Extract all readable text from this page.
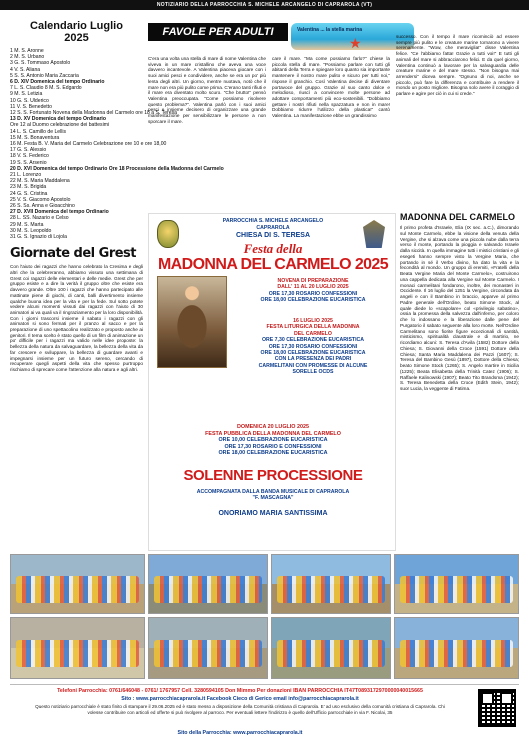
NOTIZIARIO DELLA PARROCCHIA S. MICHELE ARCANGELO DI CAPRAROLA (VT)
Calendario Luglio
2025
1 M. S. Aronne
2 M. S. Urbano
3 G. S. Tommaso Apostolo
4 V. S. Aliana
5 S. S. Antonio Maria Zaccaria
6 D. XIV Domenica del tempo Ordinario
7 L. S. Claudio 8 M. S. Edgardo
9 M. S. Letizia
10 G. S. Ulderico
11 V. S. Benedetto
12 S. S. Fortunato Novena della Madonna del Carmelo ore 18 a S. Teresa
13 D. XV Domenica del tempo Ordinario
Ore 12 al Duomo celebrazione dei battesimi
14 L. S. Camillo de Lellis
15 M. S. Bonaventura
16 M. Festa B. V. Maria del Carmelo Celebrazione ore 10 e ore 18,00
17 G. S. Alessio
18 V. S. Federico
19 S. S. Arsenio
20 D. XVI Domenica del tempo Ordinario Ore 18 Processione della Madonna del Carmelo
21 L. Lorenzo
22 M. S. Maria Maddalena
23 M. S. Brigida
24 G. S. Cristina
25 V. S. Giacomo Apostolo
26 S. Ss. Anna e Gioacchino
27 D. XVII Domenica del tempo Ordinario
28 L. SS. Nazario e Celso
29 M. S. Marta
30 M. S. Leopoldo
31 G. S. Ignazio di Lojola
Giornate del Grest
Con l'aiuto dei ragazzi che hanno celebrato la Cresima e degli altri che la celebreranno, abbiamo vissuto una settimana di Grest coi ragazzi delle elementari e delle medie. Grest che per gruppo esiste e a dire la verità il gruppo oltre che esiste era davvero grande. Oltre 100 i ragazzi che hanno partecipato alle mattinate piene di giochi, di canti, balli divertimento insieme qualche buona idea per la vita e per la fede. Sul sotto potete vedere alcuni momenti vissuti dai ragazzi con l'aiuto di 30 animatori ai va quali va il ringraziamento per la loro disponibilità. Con i giorni trascorsi insieme il sabato i ragazzi con gli animatori si sono fermati per il pranzo al sacco e per la preparazione di uno spettacolino realizzato e proposto anche ai genitori. Il tema scelto è stato quello di un film di animazione un po' difficile per i ragazzi ma valido nelle idee proposte: la bellezza della natura da salvaguardare, la bellezza della vita da far crescere e sviluppare, la bellezza di guardare avanti e impegnarsi insieme per un futuro sereno, cercando di recuperare quegli aspetti della vita che spesso purtroppo rischiamo di sprecare come l'attenzione alla natura e agli altri.
FAVOLE PER ADULTI	Valentina ... la stella marina
★
C'era una volta una stella di mare di nome Valentina che viveva in un mare cristallino che aveva una voce davvero incantevole. A Valentina piaceva giocare con i suoi amici pesci e condividere, anche se era un po' più lenta degli altri. Un giorno, mentre nuotava, notò che il mare non era più pulito come prima. C'erano tanti rifiuti e il mare era diventato molto scuro. "Che brutto!" pensò Valentina preoccupata. "Come possiamo risolvere questo problema?". Valentina parlò con i suoi amici pesci e insieme decisero di organizzare una grande manifestazione per sensibilizzare le persone a non sporcare il mare.
care il mare. "Ma come possiamo farlo?" chiese la piccola stella di mare. "Possiamo parlare con tutti gli abitanti della Terra e spiegare loro quanto sia importante mantenere il nostro mare pulito e sicuro per tutti noi," rispose il granchio. Così Valentina decise di diventare portavoce del gruppo. Grazie al suo canto dolce e melodioso, riuscì a convincere molte persone ad adottare comportamenti più eco-sostenibili. "Dobbiamo gettare i nostri rifiuti nella spazzatura e non in mare! Dobbiamo ridurre l'utilizzo della plastica!" cantò Valentina. La manifestazione ebbe un grandissimo
successo. Con il tempo il mare ricominciò ad essere sempre più pulito e le creature marine tornarono a vivere serenamente. "Wow, che meraviglia!" disse Valentina felice. "Ce l'abbiamo fatta! Grazie a tutti voi!" E tutti gli animali del mare si abbracciarono felici. E da quel giorno, Valentina continuò a lavorare per la salvaguardia delle creature marine e del mare stesso. "Non bisogna mai arrendersi" diceva sempre. "Ognuno di noi, anche se piccolo, può fare la differenza e contribuire a rendere il mondo un posto migliore. Bisogna solo avere il coraggio di parlare e agire per ciò in cui si crede."
PARROCCHIA S. MICHELE ARCANGELO
CAPRAROLA
CHIESA DI S. TERESA
Festa della
MADONNA DEL CARMELO 2025
NOVENA DI PREPARAZIONE
DALL' 11 AL 20 LUGLIO 2025
ORE 17,30 ROSARIO CONFESSIONI
ORE 18,00 CELEBRAZIONE EUCARISTICA
16 LUGLIO 2025
FESTA LITURGICA DELLA MADONNA
DEL CARMELO
ORE 7,30 CELEBRAZIONE EUCARISTICA
ORE 17,30 ROSARIO CONFESSIONI
ORE 18,00 CELEBRAZIONE EUCARISTICA
CON LA PRESENZA DEI PADRI
CARMELITANI CON PROMESSE DI ALCUNE
SORELLE OCDS
DOMENICA 20 LUGLIO 2025
FESTA PUBBLICA DELLA MADONNA DEL CARMELO
ORE 10,00 CELEBRAZIONE EUCARISTICA
ORE 17,30 ROSARIO E CONFESSIONI
ORE 18,00 CELEBRAZIONE EUCARISTICA
SOLENNE PROCESSIONE
ACCOMPAGNATA DALLA BANDA MUSICALE DI CAPRAROLA
"F. MASCAGNA"
ONORIAMO MARIA SANTISSIMA
MADONNA DEL CARMELO
Il primo profeta d'Israele, Elia (IX sec. a.C.), dimorando sul Monte Carmelo, ebbe la visione della venuta della Vergine, che si alzava come una piccola nube dalla terra verso il monte, portando la pioggia e salvando Israele dalla siccità. In quella immagine tutti i mistici cristiani e gli esegeti hanno sempre visto la Vergine Maria, che portando in sé il Verbo divino, ha dato la vita e la fecondità al mondo. Un gruppo di eremiti, «Fratelli della Beata Vergine Maria del Monte Carmelo», costruirono una cappella dedicata alla Vergine sul Monte Carmelo. I monaci carmelitani fondarono, inoltre, dei monasteri in Occidente. Il 16 luglio del 1251 la Vergine, circondata da angeli e con il Bambino in braccio, apparve al primo Padre generale dell'Ordine, beato Simone Stock, al quale diede lo «scapolare» col «privilegio sabatino», ossia la promessa della salvezza dall'inferno, per coloro che lo indossano e la liberazione dalle pene del Purgatorio il sabato seguente alla loro morte. Nell'Ordine Carmelitano sono fiorite figure eccezionali di santità, misticismo, spiritualità claustrale e di martirio, ne ricordiamo alcuni: S. Teresa d'Avila (1582) Dottore della Chiesa; S. Giovanni della Croce (1591) Dottore della Chiesa; Santa Maria Maddalena dei Pazzi (1607); S. Teresa del Bambino Gesù (1897), Dottore della Chiesa; beato Simone Stock (1265); S. Angelo martire in Sicilia (1225); Beata Elisabetta della Trinità Catez (1906); S. Raffaele Kalinowski (1907); Beato Tito Brandsma (1942); S. Teresa Benedetta della Croce (Edith Stein, 1942); suor Lucia, la veggente di Fatima.
Telefoni Parrocchia: 0761/646048 - 0761/ 1767957 Cell. 3280594105 Don Mimmo Per donazioni IBAN PARROCCHIA IT47T0893172970000040015665
Sito : www.parrocchiacaprarola.it Facebook Cieco di Gerico email info@parrocchiacaprarola.it
Questo notiziario parrocchiale è stato finito di stampare il 29.06.2025 ed è stato messo a disposizione della Comunità cristiana di Caprarola. E' ad uso esclusivo della comunità cristiana di Caprarola. Chi volesse contribuire con articoli ed offerte si può rivolgere al parroco. Per eventuali lettere l'indirizzo è quello dell'Ufficio parrocchiale in via F. Nicolai, 35
Sito della Parrocchia: www.parrocchiacaprarola.it
